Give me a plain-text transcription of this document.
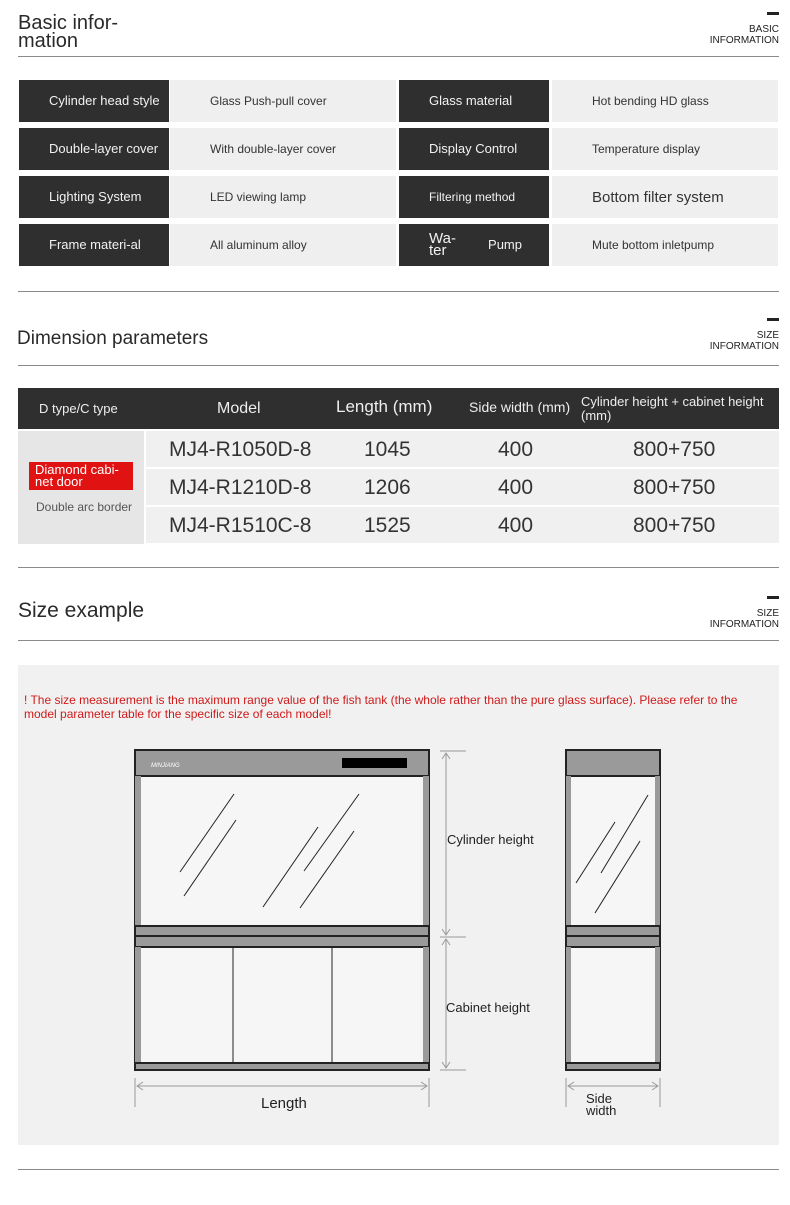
Basic infor-
mation

BASIC
INFORMATION
Cylinder head style	Glass Push-pull cover	Glass material	Hot bending HD glass
Double-layer cover	With double-layer cover	Display Control	Temperature display
Lighting System	LED viewing lamp	Filtering method	Bottom filter system
Frame materi-al	All aluminum alloy	Wa-ter	Pump	Mute bottom inletpump
Dimension parameters	SIZE
INFORMATION
D type/C type	Model	Length (mm)	Side width (mm) Cylinder height + cabinet height (mm)
Diamond cabi-net door
Double arc border
MJ4-R1050D-8	1045	400	800+750
MJ4-R1210D-8	1206	400	800+750
MJ4-R1510C-8	1525	400	800+750
Size example	SIZE
INFORMATION
! The size measurement is the maximum range value of the fish tank (the whole rather than the pure glass surface). Please refer to the model parameter table for the specific size of each model!
MINJIANG
Cylinder height
Cabinet height
Length	Side width
